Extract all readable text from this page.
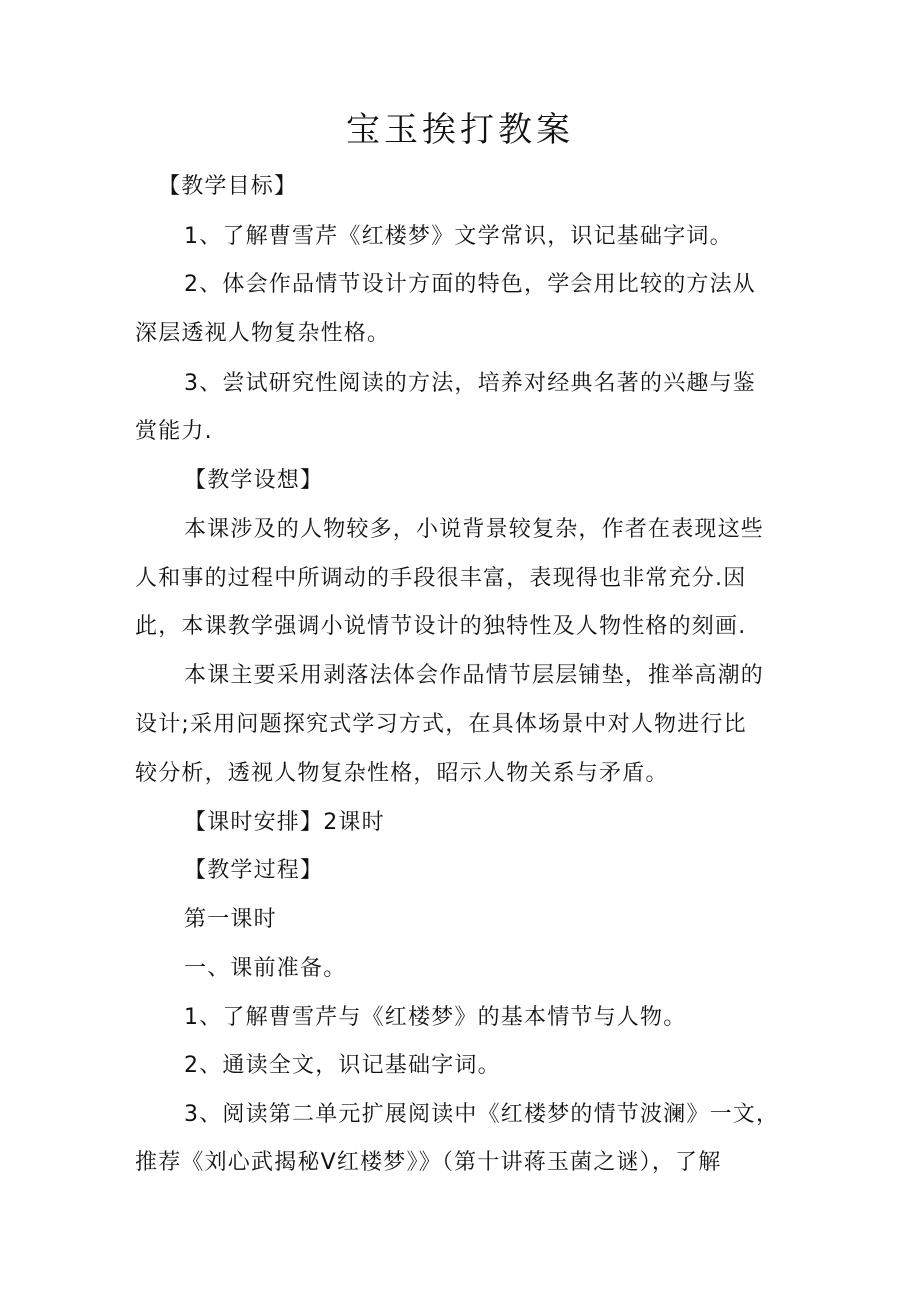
宝玉挨打教案
【教学目标】
1、了解曹雪芹《红楼梦》文学常识，识记基础字词。
2、体会作品情节设计方面的特色，学会用比较的方法从
深层透视人物复杂性格。
3、尝试研究性阅读的方法，培养对经典名著的兴趣与鉴
赏能力.
【教学设想】
本课涉及的人物较多，小说背景较复杂，作者在表现这些
人和事的过程中所调动的手段很丰富，表现得也非常充分.因
此，本课教学强调小说情节设计的独特性及人物性格的刻画.
本课主要采用剥落法体会作品情节层层铺垫，推举高潮的
设计;采用问题探究式学习方式，在具体场景中对人物进行比
较分析，透视人物复杂性格，昭示人物关系与矛盾。
【课时安排】2课时
【教学过程】
第一课时
一、课前准备。
1、了解曹雪芹与《红楼梦》的基本情节与人物。
2、通读全文，识记基础字词。
3、阅读第二单元扩展阅读中《红楼梦的情节波澜》一文，
推荐《刘心武揭秘V红楼梦》》（第十讲蒋玉菌之谜），了解
